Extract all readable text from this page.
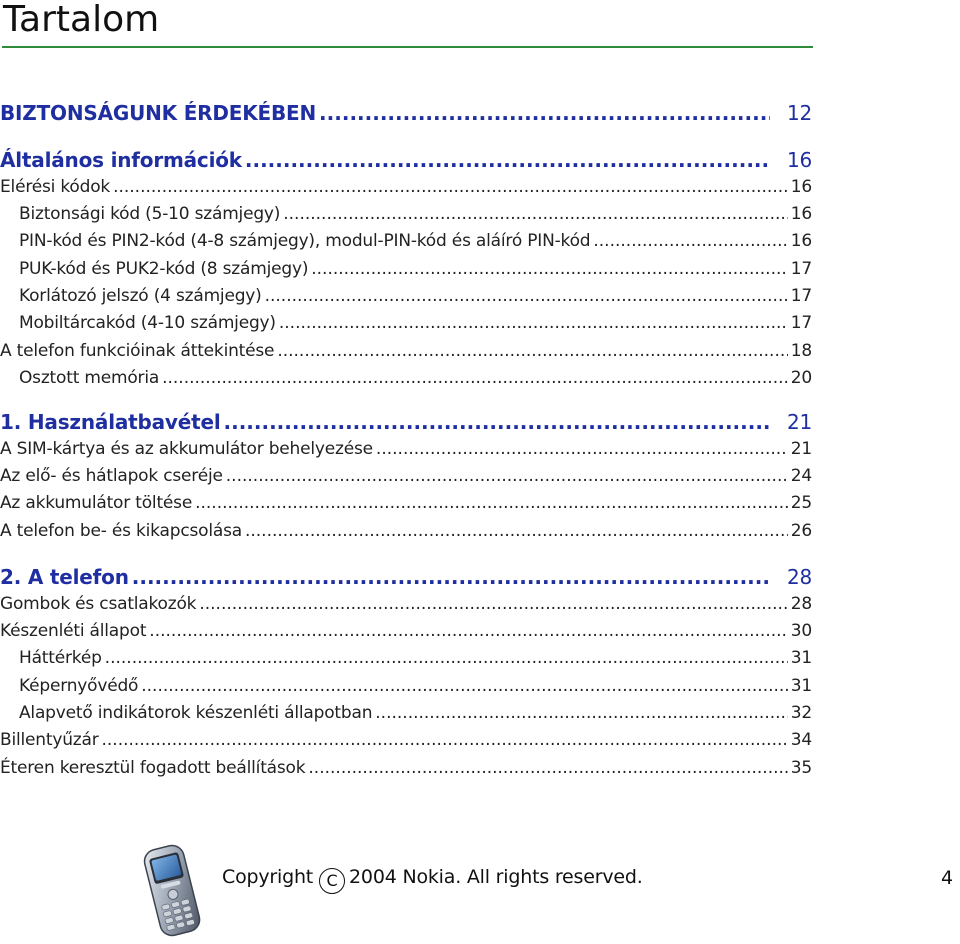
Tartalom
BIZTONSÁGUNK ÉRDEKÉBEN .....	12
Általános információk .....	16
Elérési kódok .....	16
Biztonsági kód (5-10 számjegy) .....	16
PIN-kód és PIN2-kód (4-8 számjegy), modul-PIN-kód és aláíró PIN-kód .....	16
PUK-kód és PUK2-kód (8 számjegy) .....	17
Korlátozó jelszó (4 számjegy) .....	17
Mobiltárcakód (4-10 számjegy) .....	17
A telefon funkcióinak áttekintése .....	18
Osztott memória .....	20
1. Használatbavétel .....	21
A SIM-kártya és az akkumulátor behelyezése .....	21
Az elő- és hátlapok cseréje .....	24
Az akkumulátor töltése .....	25
A telefon be- és kikapcsolása .....	26
2. A telefon .....	28
Gombok és csatlakozók .....	28
Készenléti állapot .....	30
Háttérkép .....	31
Képernyővédő .....	31
Alapvető indikátorok készenléti állapotban .....	32
Billentyűzár .....	34
Éteren keresztül fogadott beállítások .....	35
Copyright C 2004 Nokia. All rights reserved.	4
